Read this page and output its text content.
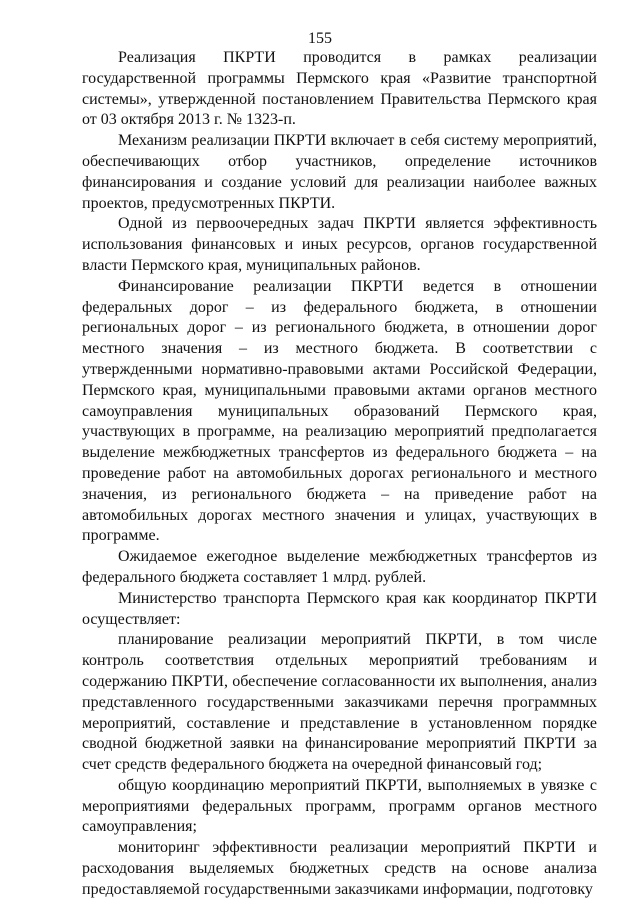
155

Реализация ПКРТИ проводится в рамках реализации государственной программы Пермского края «Развитие транспортной системы», утвержденной постановлением Правительства Пермского края от 03 октября 2013 г. № 1323-п.

Механизм реализации ПКРТИ включает в себя систему мероприятий, обеспечивающих отбор участников, определение источников финансирования и создание условий для реализации наиболее важных проектов, предусмотренных ПКРТИ.

Одной из первоочередных задач ПКРТИ является эффективность использования финансовых и иных ресурсов, органов государственной власти Пермского края, муниципальных районов.

Финансирование реализации ПКРТИ ведется в отношении федеральных дорог – из федерального бюджета, в отношении региональных дорог – из регионального бюджета, в отношении дорог местного значения – из местного бюджета. В соответствии с утвержденными нормативно-правовыми актами Российской Федерации, Пермского края, муниципальными правовыми актами органов местного самоуправления муниципальных образований Пермского края, участвующих в программе, на реализацию мероприятий предполагается выделение межбюджетных трансфертов из федерального бюджета – на проведение работ на автомобильных дорогах регионального и местного значения, из регионального бюджета – на приведение работ на автомобильных дорогах местного значения и улицах, участвующих в программе.

Ожидаемое ежегодное выделение межбюджетных трансфертов из федерального бюджета составляет 1 млрд. рублей.

Министерство транспорта Пермского края как координатор ПКРТИ осуществляет:

планирование реализации мероприятий ПКРТИ, в том числе контроль соответствия отдельных мероприятий требованиям и содержанию ПКРТИ, обеспечение согласованности их выполнения, анализ представленного государственными заказчиками перечня программных мероприятий, составление и представление в установленном порядке сводной бюджетной заявки на финансирование мероприятий ПКРТИ за счет средств федерального бюджета на очередной финансовый год;

общую координацию мероприятий ПКРТИ, выполняемых в увязке с мероприятиями федеральных программ, программ органов местного самоуправления;

мониторинг эффективности реализации мероприятий ПКРТИ и расходования выделяемых бюджетных средств на основе анализа предоставляемой государственными заказчиками информации, подготовку
